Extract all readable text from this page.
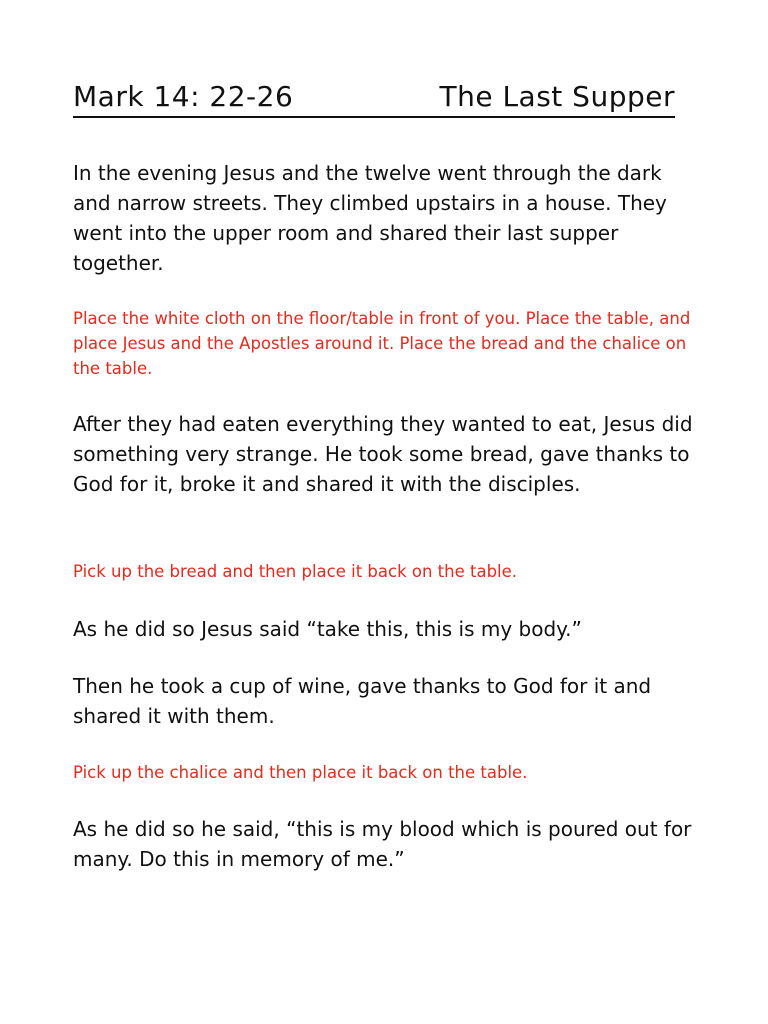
Mark 14: 22-26	The Last Supper

In the evening Jesus and the twelve went through the dark and narrow streets. They climbed upstairs in a house. They went into the upper room and shared their last supper together.

Place the white cloth on the floor/table in front of you. Place the table, and place Jesus and the Apostles around it. Place the bread and the chalice on the table.

After they had eaten everything they wanted to eat, Jesus did something very strange. He took some bread, gave thanks to God for it, broke it and shared it with the disciples.

Pick up the bread and then place it back on the table.

As he did so Jesus said “take this, this is my body.”

Then he took a cup of wine, gave thanks to God for it and shared it with them.

Pick up the chalice and then place it back on the table.

As he did so he said, “this is my blood which is poured out for many. Do this in memory of me.”
